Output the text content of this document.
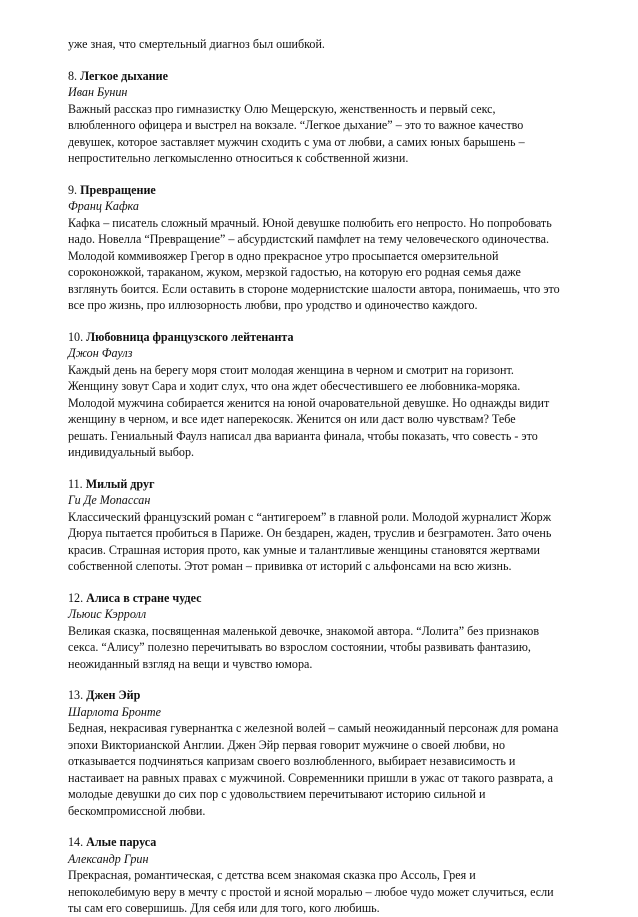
уже зная, что смертельный диагноз был ошибкой.
8. Легкое дыхание
Иван Бунин
Важный рассказ про гимназистку Олю Мещерскую, женственность и первый секс,
влюбленного офицера и выстрел на вокзале. “Легкое дыхание” – это то важное качество
девушек, которое заставляет мужчин сходить с ума от любви, а самих юных барышень –
непростительно легкомысленно относиться к собственной жизни.
9. Превращение
Франц Кафка
Кафка – писатель сложный мрачный. Юной девушке полюбить его непросто. Но попробовать
надо. Новелла “Превращение” – абсурдистский памфлет на тему человеческого одиночества.
Молодой коммивояжер Грегор в одно прекрасное утро просыпается омерзительной
сороконожкой, тараканом, жуком, мерзкой гадостью, на которую его родная семья даже
взглянуть боится. Если оставить в стороне модернистские шалости автора, понимаешь, что это
все про жизнь, про иллюзорность любви, про уродство и одиночество каждого.
10. Любовница французского лейтенанта
Джон Фаулз
Каждый день на берегу моря стоит молодая женщина в черном и смотрит на горизонт.
Женщину зовут Сара и ходит слух, что она ждет обесчестившего ее любовника-моряка.
Молодой мужчина собирается женится на юной очаровательной девушке. Но однажды видит
женщину в черном, и все идет наперекосяк. Женится он или даст волю чувствам? Тебе
решать. Гениальный Фаулз написал два варианта финала, чтобы показать, что совесть - это
индивидуальный выбор.
11. Милый друг
Ги Де Мопассан
Классический французский роман с “антигероем” в главной роли. Молодой журналист Жорж
Дюруа пытается пробиться в Париже. Он бездарен, жаден, труслив и безграмотен. Зато очень
красив. Страшная история прото, как умные и талантливые женщины становятся жертвами
собственной слепоты. Этот роман – прививка от историй с альфонсами на всю жизнь.
12. Алиса в стране чудес
Льюис Кэрролл
Великая сказка, посвященная маленькой девочке, знакомой автора. “Лолита” без признаков
секса. “Алису” полезно перечитывать во взрослом состоянии, чтобы развивать фантазию,
неожиданный взгляд на вещи и чувство юмора.
13. Джен Эйр
Шарлота Бронте
Бедная, некрасивая гувернантка с железной волей – самый неожиданный персонаж для романа
эпохи Викторианской Англии. Джен Эйр первая говорит мужчине о своей любви, но
отказывается подчиняться капризам своего возлюбленного, выбирает независимость и
настаивает на равных правах с мужчиной. Современники пришли в ужас от такого разврата, а
молодые девушки до сих пор с удовольствием перечитывают историю сильной и
бескомпромиссной любви.
14. Алые паруса
Александр Грин
Прекрасная, романтическая, с детства всем знакомая сказка про Ассоль, Грея и
непоколебимую веру в мечту с простой и ясной моралью – любое чудо может случиться, если
ты сам его совершишь. Для себя или для того, кого любишь.
